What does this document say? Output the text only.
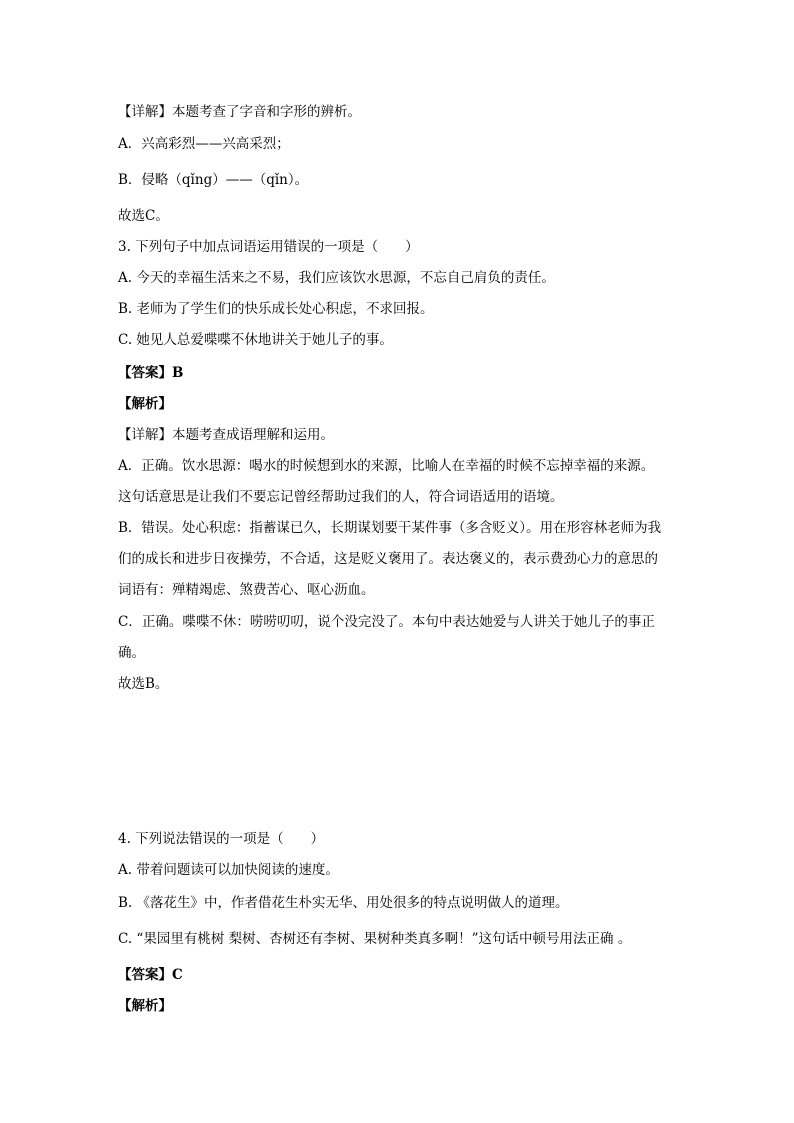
【详解】本题考查了字音和字形的辨析。
A．兴高彩烈——兴高采烈；
B．侵略（qǐng）——（qǐn）。
故选C。
3. 下列句子中加点词语运用错误的一项是（　　）
A. 今天的幸福生活来之不易，我们应该饮水思源，不忘自己肩负的责任。
B. 老师为了学生们的快乐成长处心积虑，不求回报。
C. 她见人总爱喋喋不休地讲关于她儿子的事。
【答案】B
【解析】
【详解】本题考查成语理解和运用。
A．正确。饮水思源：喝水的时候想到水的来源，比喻人在幸福的时候不忘掉幸福的来源。
这句话意思是让我们不要忘记曾经帮助过我们的人，符合词语适用的语境。
B．错误。处心积虑：指蓄谋已久，长期谋划要干某件事（多含贬义）。用在形容林老师为我
们的成长和进步日夜操劳，不合适，这是贬义褒用了。表达褒义的，表示费劲心力的意思的
词语有：殚精竭虑、煞费苦心、呕心沥血。
C．正确。喋喋不休：唠唠叨叨，说个没完没了。本句中表达她爱与人讲关于她儿子的事正
确。
故选B。
4. 下列说法错误的一项是（　　）
A. 带着问题读可以加快阅读的速度。
B. 《落花生》中，作者借花生朴实无华、用处很多的特点说明做人的道理。
C. “果园里有桃树 梨树、杏树还有李树、果树种类真多啊！”这句话中顿号用法正确 。
【答案】C
【解析】
